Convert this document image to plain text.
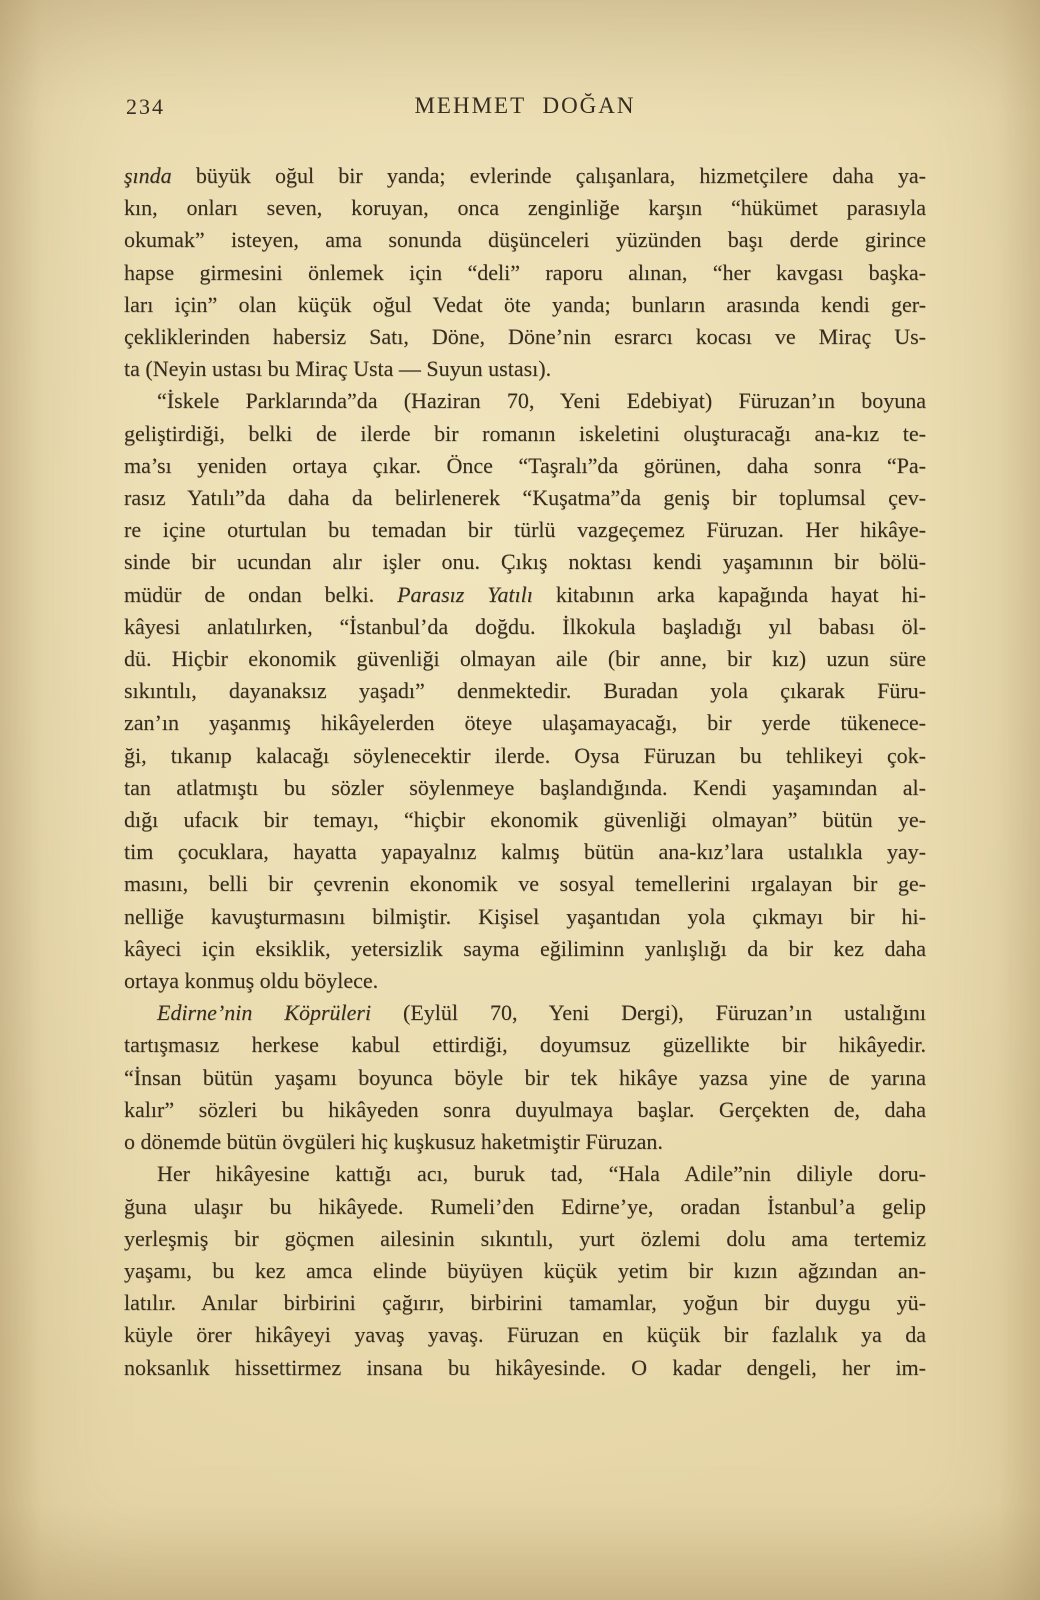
234	MEHMET DOĞAN
şında büyük oğul bir yanda; evlerinde çalışanlara, hizmetçilere daha ya-
kın, onları seven, koruyan, onca zenginliğe karşın “hükümet parasıyla
okumak” isteyen, ama sonunda düşünceleri yüzünden başı derde girince
hapse girmesini önlemek için “deli” raporu alınan, “her kavgası başka-
ları için” olan küçük oğul Vedat öte yanda; bunların arasında kendi ger-
çekliklerinden habersiz Satı, Döne, Döne’nin esrarcı kocası ve Miraç Us-
ta (Neyin ustası bu Miraç Usta — Suyun ustası).
“İskele Parklarında”da (Haziran 70, Yeni Edebiyat) Füruzan’ın boyuna
geliştirdiği, belki de ilerde bir romanın iskeletini oluşturacağı ana-kız te-
ma’sı yeniden ortaya çıkar. Önce “Taşralı”da görünen, daha sonra “Pa-
rasız Yatılı”da daha da belirlenerek “Kuşatma”da geniş bir toplumsal çev-
re içine oturtulan bu temadan bir türlü vazgeçemez Füruzan. Her hikâye-
sinde bir ucundan alır işler onu. Çıkış noktası kendi yaşamının bir bölü-
müdür de ondan belki. Parasız Yatılı kitabının arka kapağında hayat hi-
kâyesi anlatılırken, “İstanbul’da doğdu. İlkokula başladığı yıl babası öl-
dü. Hiçbir ekonomik güvenliği olmayan aile (bir anne, bir kız) uzun süre
sıkıntılı, dayanaksız yaşadı” denmektedir. Buradan yola çıkarak Füru-
zan’ın yaşanmış hikâyelerden öteye ulaşamayacağı, bir yerde tükenece-
ği, tıkanıp kalacağı söylenecektir ilerde. Oysa Füruzan bu tehlikeyi çok-
tan atlatmıştı bu sözler söylenmeye başlandığında. Kendi yaşamından al-
dığı ufacık bir temayı, “hiçbir ekonomik güvenliği olmayan” bütün ye-
tim çocuklara, hayatta yapayalnız kalmış bütün ana-kız’lara ustalıkla yay-
masını, belli bir çevrenin ekonomik ve sosyal temellerini ırgalayan bir ge-
nelliğe kavuşturmasını bilmiştir. Kişisel yaşantıdan yola çıkmayı bir hi-
kâyeci için eksiklik, yetersizlik sayma eğiliminn yanlışlığı da bir kez daha
ortaya konmuş oldu böylece.
Edirne’nin Köprüleri (Eylül 70, Yeni Dergi), Füruzan’ın ustalığını
tartışmasız herkese kabul ettirdiği, doyumsuz güzellikte bir hikâyedir.
“İnsan bütün yaşamı boyunca böyle bir tek hikâye yazsa yine de yarına
kalır” sözleri bu hikâyeden sonra duyulmaya başlar. Gerçekten de, daha
o dönemde bütün övgüleri hiç kuşkusuz haketmiştir Füruzan.
Her hikâyesine kattığı acı, buruk tad, “Hala Adile”nin diliyle doru-
ğuna ulaşır bu hikâyede. Rumeli’den Edirne’ye, oradan İstanbul’a gelip
yerleşmiş bir göçmen ailesinin sıkıntılı, yurt özlemi dolu ama tertemiz
yaşamı, bu kez amca elinde büyüyen küçük yetim bir kızın ağzından an-
latılır. Anılar birbirini çağırır, birbirini tamamlar, yoğun bir duygu yü-
küyle örer hikâyeyi yavaş yavaş. Füruzan en küçük bir fazlalık ya da
noksanlık hissettirmez insana bu hikâyesinde. O kadar dengeli, her im-
